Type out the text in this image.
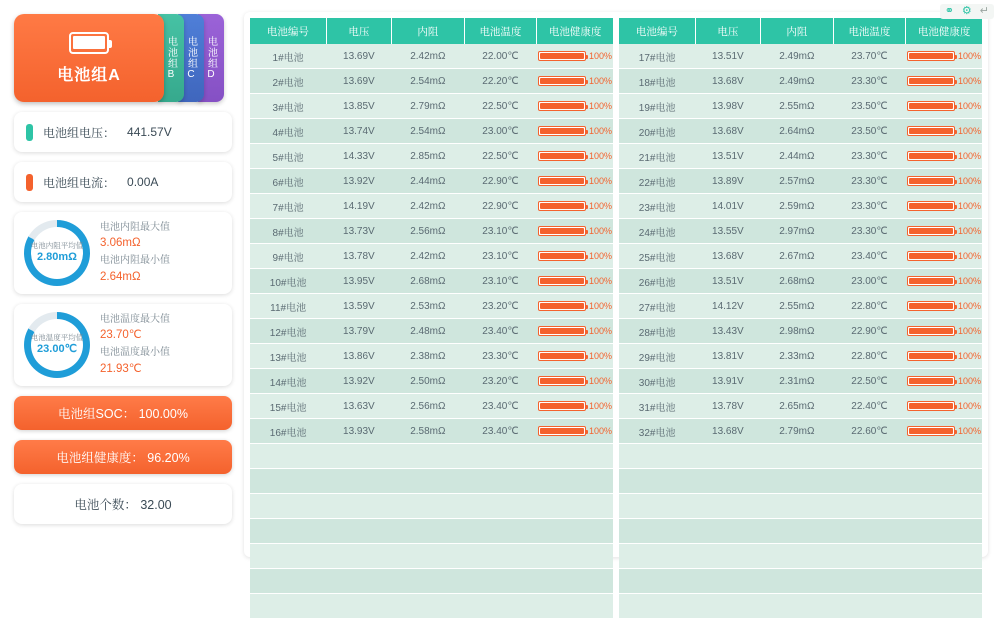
⚭ ⚙ ↵
电池组A	电池组B 电池组C 电池组D
电池组电压： 441.57V
电池组电流： 0.00A
电池内阻平均值
2.80mΩ
电池内阻最大值
3.06mΩ
电池内阻最小值
2.64mΩ
电池温度平均值
23.00℃
电池温度最大值
23.70℃
电池温度最小值
21.93℃
电池组SOC： 100.00%
电池组健康度： 96.20%
电池个数： 32.00
电池编号	电压	内阻	电池温度	电池健康度
1#电池	13.69V	2.42mΩ	22.00℃	100%

2#电池	13.69V	2.54mΩ	22.20℃	100%

3#电池	13.85V	2.79mΩ	22.50℃	100%

4#电池	13.74V	2.54mΩ	23.00℃	100%

5#电池	14.33V	2.85mΩ	22.50℃	100%

6#电池	13.92V	2.44mΩ	22.90℃	100%

7#电池	14.19V	2.42mΩ	22.90℃	100%

8#电池	13.73V	2.56mΩ	23.10℃	100%

9#电池	13.78V	2.42mΩ	23.10℃	100%

10#电池	13.95V	2.68mΩ	23.10℃	100%

11#电池	13.59V	2.53mΩ	23.20℃	100%

12#电池	13.79V	2.48mΩ	23.40℃	100%

13#电池	13.86V	2.38mΩ	23.30℃	100%

14#电池	13.92V	2.50mΩ	23.20℃	100%

15#电池	13.63V	2.56mΩ	23.40℃	100%

16#电池	13.93V	2.58mΩ	23.40℃	100%

电池编号	电压	内阻	电池温度	电池健康度
17#电池	13.51V	2.49mΩ	23.70℃	100%

18#电池	13.68V	2.49mΩ	23.30℃	100%

19#电池	13.98V	2.55mΩ	23.50℃	100%

20#电池	13.68V	2.64mΩ	23.50℃	100%

21#电池	13.51V	2.44mΩ	23.30℃	100%

22#电池	13.89V	2.57mΩ	23.30℃	100%

23#电池	14.01V	2.59mΩ	23.30℃	100%

24#电池	13.55V	2.97mΩ	23.30℃	100%

25#电池	13.68V	2.67mΩ	23.40℃	100%

26#电池	13.51V	2.68mΩ	23.00℃	100%

27#电池	14.12V	2.55mΩ	22.80℃	100%

28#电池	13.43V	2.98mΩ	22.90℃	100%

29#电池	13.81V	2.33mΩ	22.80℃	100%

30#电池	13.91V	2.31mΩ	22.50℃	100%

31#电池	13.78V	2.65mΩ	22.40℃	100%

32#电池	13.68V	2.79mΩ	22.60℃	100%
